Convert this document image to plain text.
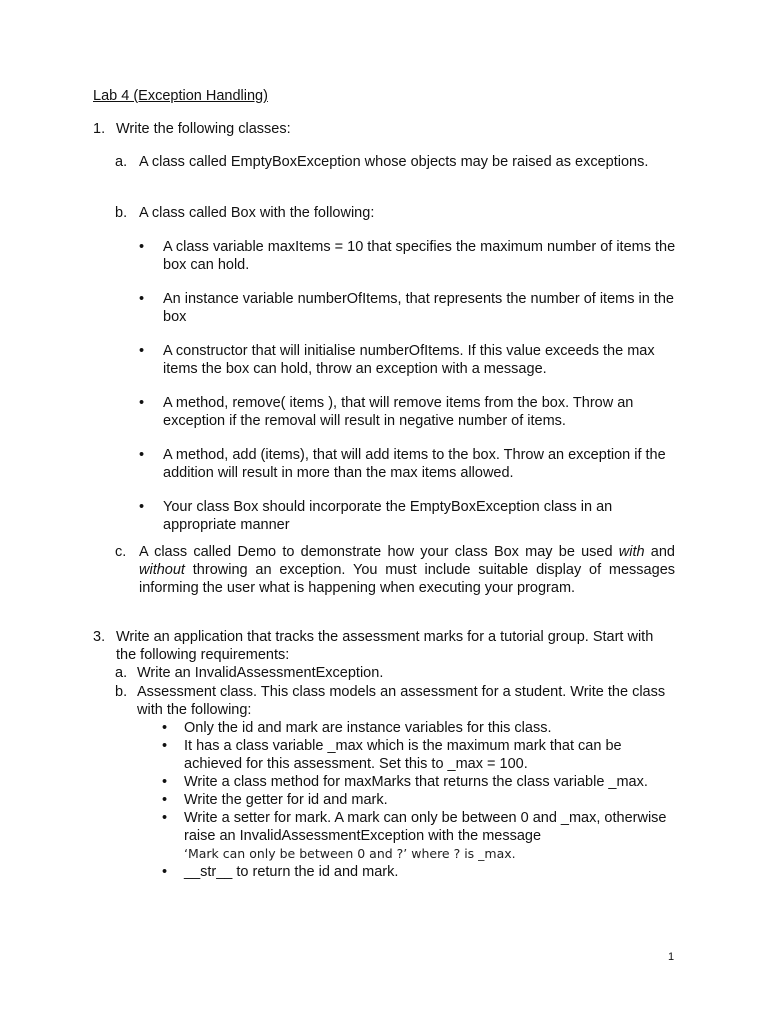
Lab 4 (Exception Handling)
1. Write the following classes:
a. A class called EmptyBoxException whose objects may be raised as exceptions.
b. A class called Box with the following:
• A class variable maxItems = 10 that specifies the maximum number of items the box can hold.
• An instance variable numberOfItems, that represents the number of items in the box
• A constructor that will initialise numberOfItems. If this value exceeds the max items the box can hold, throw an exception with a message.
• A method, remove( items ), that will remove items from the box. Throw an exception if the removal will result in negative number of items.
• A method, add (items), that will add items to the box. Throw an exception if the addition will result in more than the max items allowed.
• Your class Box should incorporate the EmptyBoxException class in an appropriate manner
c. A class called Demo to demonstrate how your class Box may be used with and without throwing an exception. You must include suitable display of messages informing the user what is happening when executing your program.
3. Write an application that tracks the assessment marks for a tutorial group. Start with the following requirements:
a. Write an InvalidAssessmentException.
b. Assessment class. This class models an assessment for a student. Write the class with the following:
• Only the id and mark are instance variables for this class.
• It has a class variable _max which is the maximum mark that can be achieved for this assessment. Set this to _max = 100.
• Write a class method for maxMarks that returns the class variable _max.
• Write the getter for id and mark.
• Write a setter for mark. A mark can only be between 0 and _max, otherwise raise an InvalidAssessmentException with the message
‘Mark can only be between 0 and ?’ where ? is _max.
• __str__ to return the id and mark.
1
